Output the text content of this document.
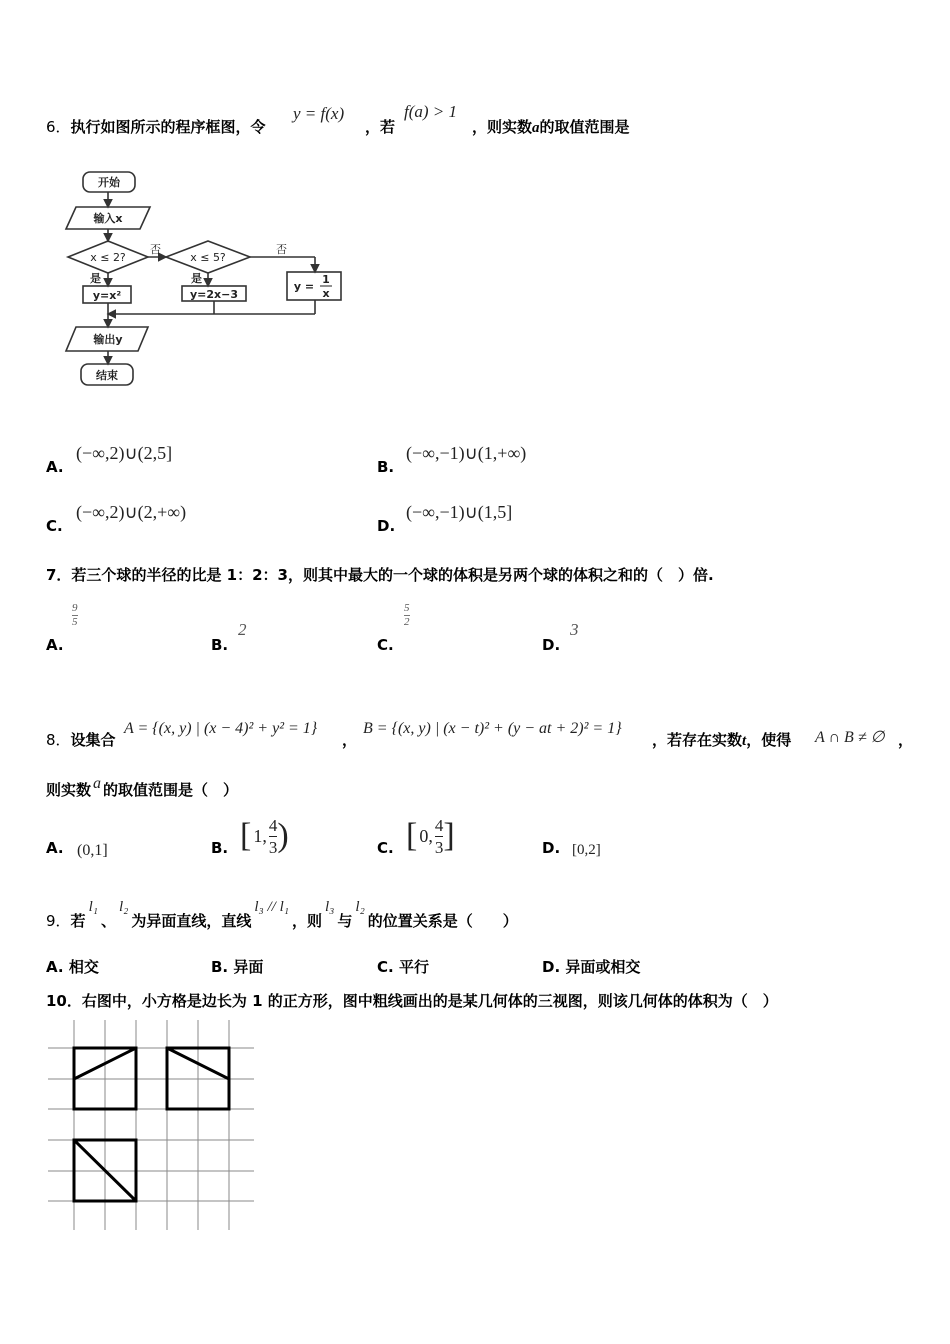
6．执行如图所示的程序框图，令
y = f(x)
，若
f(a) > 1
，则实数a的取值范围是
开始
输入x
x ≤ 2?	x ≤ 5?
否	否
是	是
y=x²	y=2x−3
y =
1
x
输出y
结束
A.
(−∞,2)∪(2,5]
B.
(−∞,−1)∪(1,+∞)
C.
(−∞,2)∪(2,+∞)
D.
(−∞,−1)∪(1,5]
7．若三个球的半径的比是 1：2：3，则其中最大的一个球的体积是另两个球的体积之和的（　）倍.
A.
9
5
B.
2
C.
5
2
D.
3
8．设集合
A = {(x, y) | (x − 4)² + y² = 1}
，
B = {(x, y) | (x − t)² + (y − at + 2)² = 1}
，若存在实数t，使得 A ∩ B ≠ ∅ ，
则实数 a 的取值范围是（　）
A. (0,1]	B. [ 1,
4
3 )	C. [ 0,
4
3 ]	D. [0,2]
9． 若
l₁
、
l₂
为异面直线，直线
l₃ // l₁
，则
l₃
与
l₂
的位置关系是（　　）
A. 相交	B. 异面	C. 平行	D. 异面或相交
10．右图中，小方格是边长为 1 的正方形，图中粗线画出的是某几何体的三视图，则该几何体的体积为（　）
